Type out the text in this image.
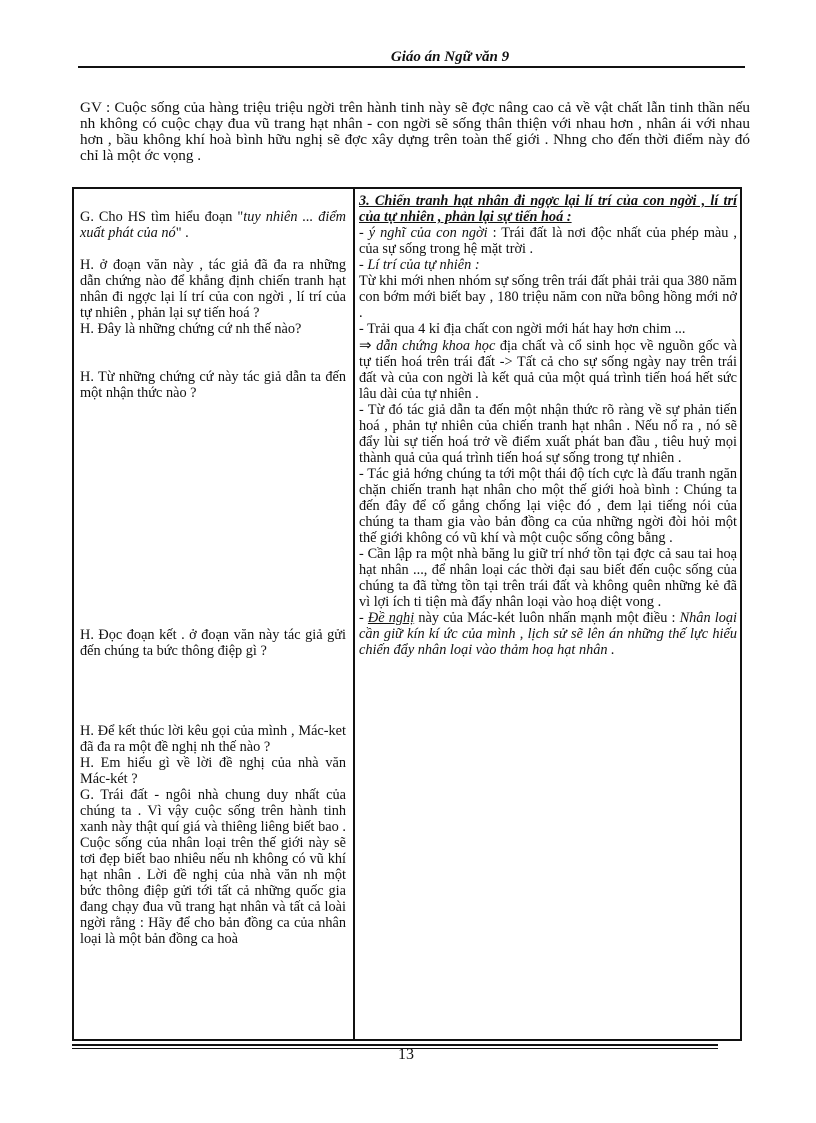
Giáo án Ngữ văn 9
GV : Cuộc sống của hàng triệu triệu ngời trên hành tinh này sẽ đợc nâng cao cả về vật chất lẫn tinh thần nếu nh không có cuộc chạy đua vũ trang hạt nhân - con ngời sẽ sống thân thiện với nhau hơn , nhân ái với nhau hơn , bầu không khí hoà bình hữu nghị sẽ đợc xây dựng trên toàn thế giới . Nhng cho đến thời điểm này đó chỉ là một ớc vọng .

G. Cho HS tìm hiểu đoạn "tuy nhiên ... điểm xuất phát của nó" .

H. ở đoạn văn này , tác giả đã đa ra những dẫn chứng nào để khẳng định chiến tranh hạt nhân đi ngợc lại lí trí của con ngời , lí trí của tự nhiên , phản lại sự tiến hoá ?

H. Đây là những chứng cứ nh thế nào?

H. Từ những chứng cứ này tác giả dẫn ta đến một nhận thức nào ?

H. Đọc đoạn kết . ở đoạn văn này tác giả gửi đến chúng ta bức thông điệp gì ?

H. Để kết thúc lời kêu gọi của mình , Mác-ket đã đa ra một đề nghị nh thế nào ?

H. Em hiểu gì về lời đề nghị của nhà văn Mác-két ?

G. Trái đất - ngôi nhà chung duy nhất của chúng ta . Vì vậy cuộc sống trên hành tinh xanh này thật quí giá và thiêng liêng biết bao . Cuộc sống của nhân loại trên thế giới này sẽ tơi đẹp biết bao nhiêu nếu nh không có vũ khí hạt nhân . Lời đề nghị của nhà văn nh một bức thông điệp gửi tới tất cả những quốc gia đang chạy đua vũ trang hạt nhân và tất cả loài ngời rằng : Hãy để cho bản đồng ca của nhân loại là một bản đồng ca hoà

3. Chiến tranh hạt nhân đi ngợc lại lí trí của con ngời , lí trí của tự nhiên , phản lại sự tiến hoá :

- ý nghĩ của con ngời : Trái đất là nơi độc nhất của phép màu , của sự sống trong hệ mặt trời .

- Lí trí của tự nhiên :

Từ khi mới nhen nhóm sự sống trên trái đất phải trải qua 380 năm con bớm mới biết bay , 180 triệu năm con nữa bông hồng mới nở .

- Trải qua 4 kỉ địa chất con ngời mới hát hay hơn chim ...

⇒ dẫn chứng khoa học địa chất và cổ sinh học về nguồn gốc và tự tiến hoá trên trái đất -> Tất cả cho sự sống ngày nay trên trái đất và của con ngời là kết quả của một quá trình tiến hoá hết sức lâu dài của tự nhiên .

- Từ đó tác giả dẫn ta đến một nhận thức rõ ràng về sự phản tiến hoá , phản tự nhiên của chiến tranh hạt nhân . Nếu nổ ra , nó sẽ đẩy lùi sự tiến hoá trở về điểm xuất phát ban đầu , tiêu huỷ mọi thành quả của quá trình tiến hoá sự sống trong tự nhiên .

- Tác giả hớng chúng ta tới một thái độ tích cực là đấu tranh ngăn chặn chiến tranh hạt nhân cho một thế giới hoà bình : Chúng ta đến đây để cố gắng chống lại việc đó , đem lại tiếng nói của chúng ta tham gia vào bản đồng ca của những ngời đòi hỏi một thế giới không có vũ khí và một cuộc sống công bằng .

- Cần lập ra một nhà băng lu giữ trí nhớ tồn tại đợc cả sau tai hoạ hạt nhân ..., để nhân loại các thời đại sau biết đến cuộc sống của chúng ta đã từng tồn tại trên trái đất và không quên những kẻ đã vì lợi ích ti tiện mà đẩy nhân loại vào hoạ diệt vong .

- Đề nghị này của Mác-két luôn nhấn mạnh một điều : Nhân loại cần giữ kín kí ức của mình , lịch sử sẽ lên án những thế lực hiếu chiến đẩy nhân loại vào thảm hoạ hạt nhân .

13
